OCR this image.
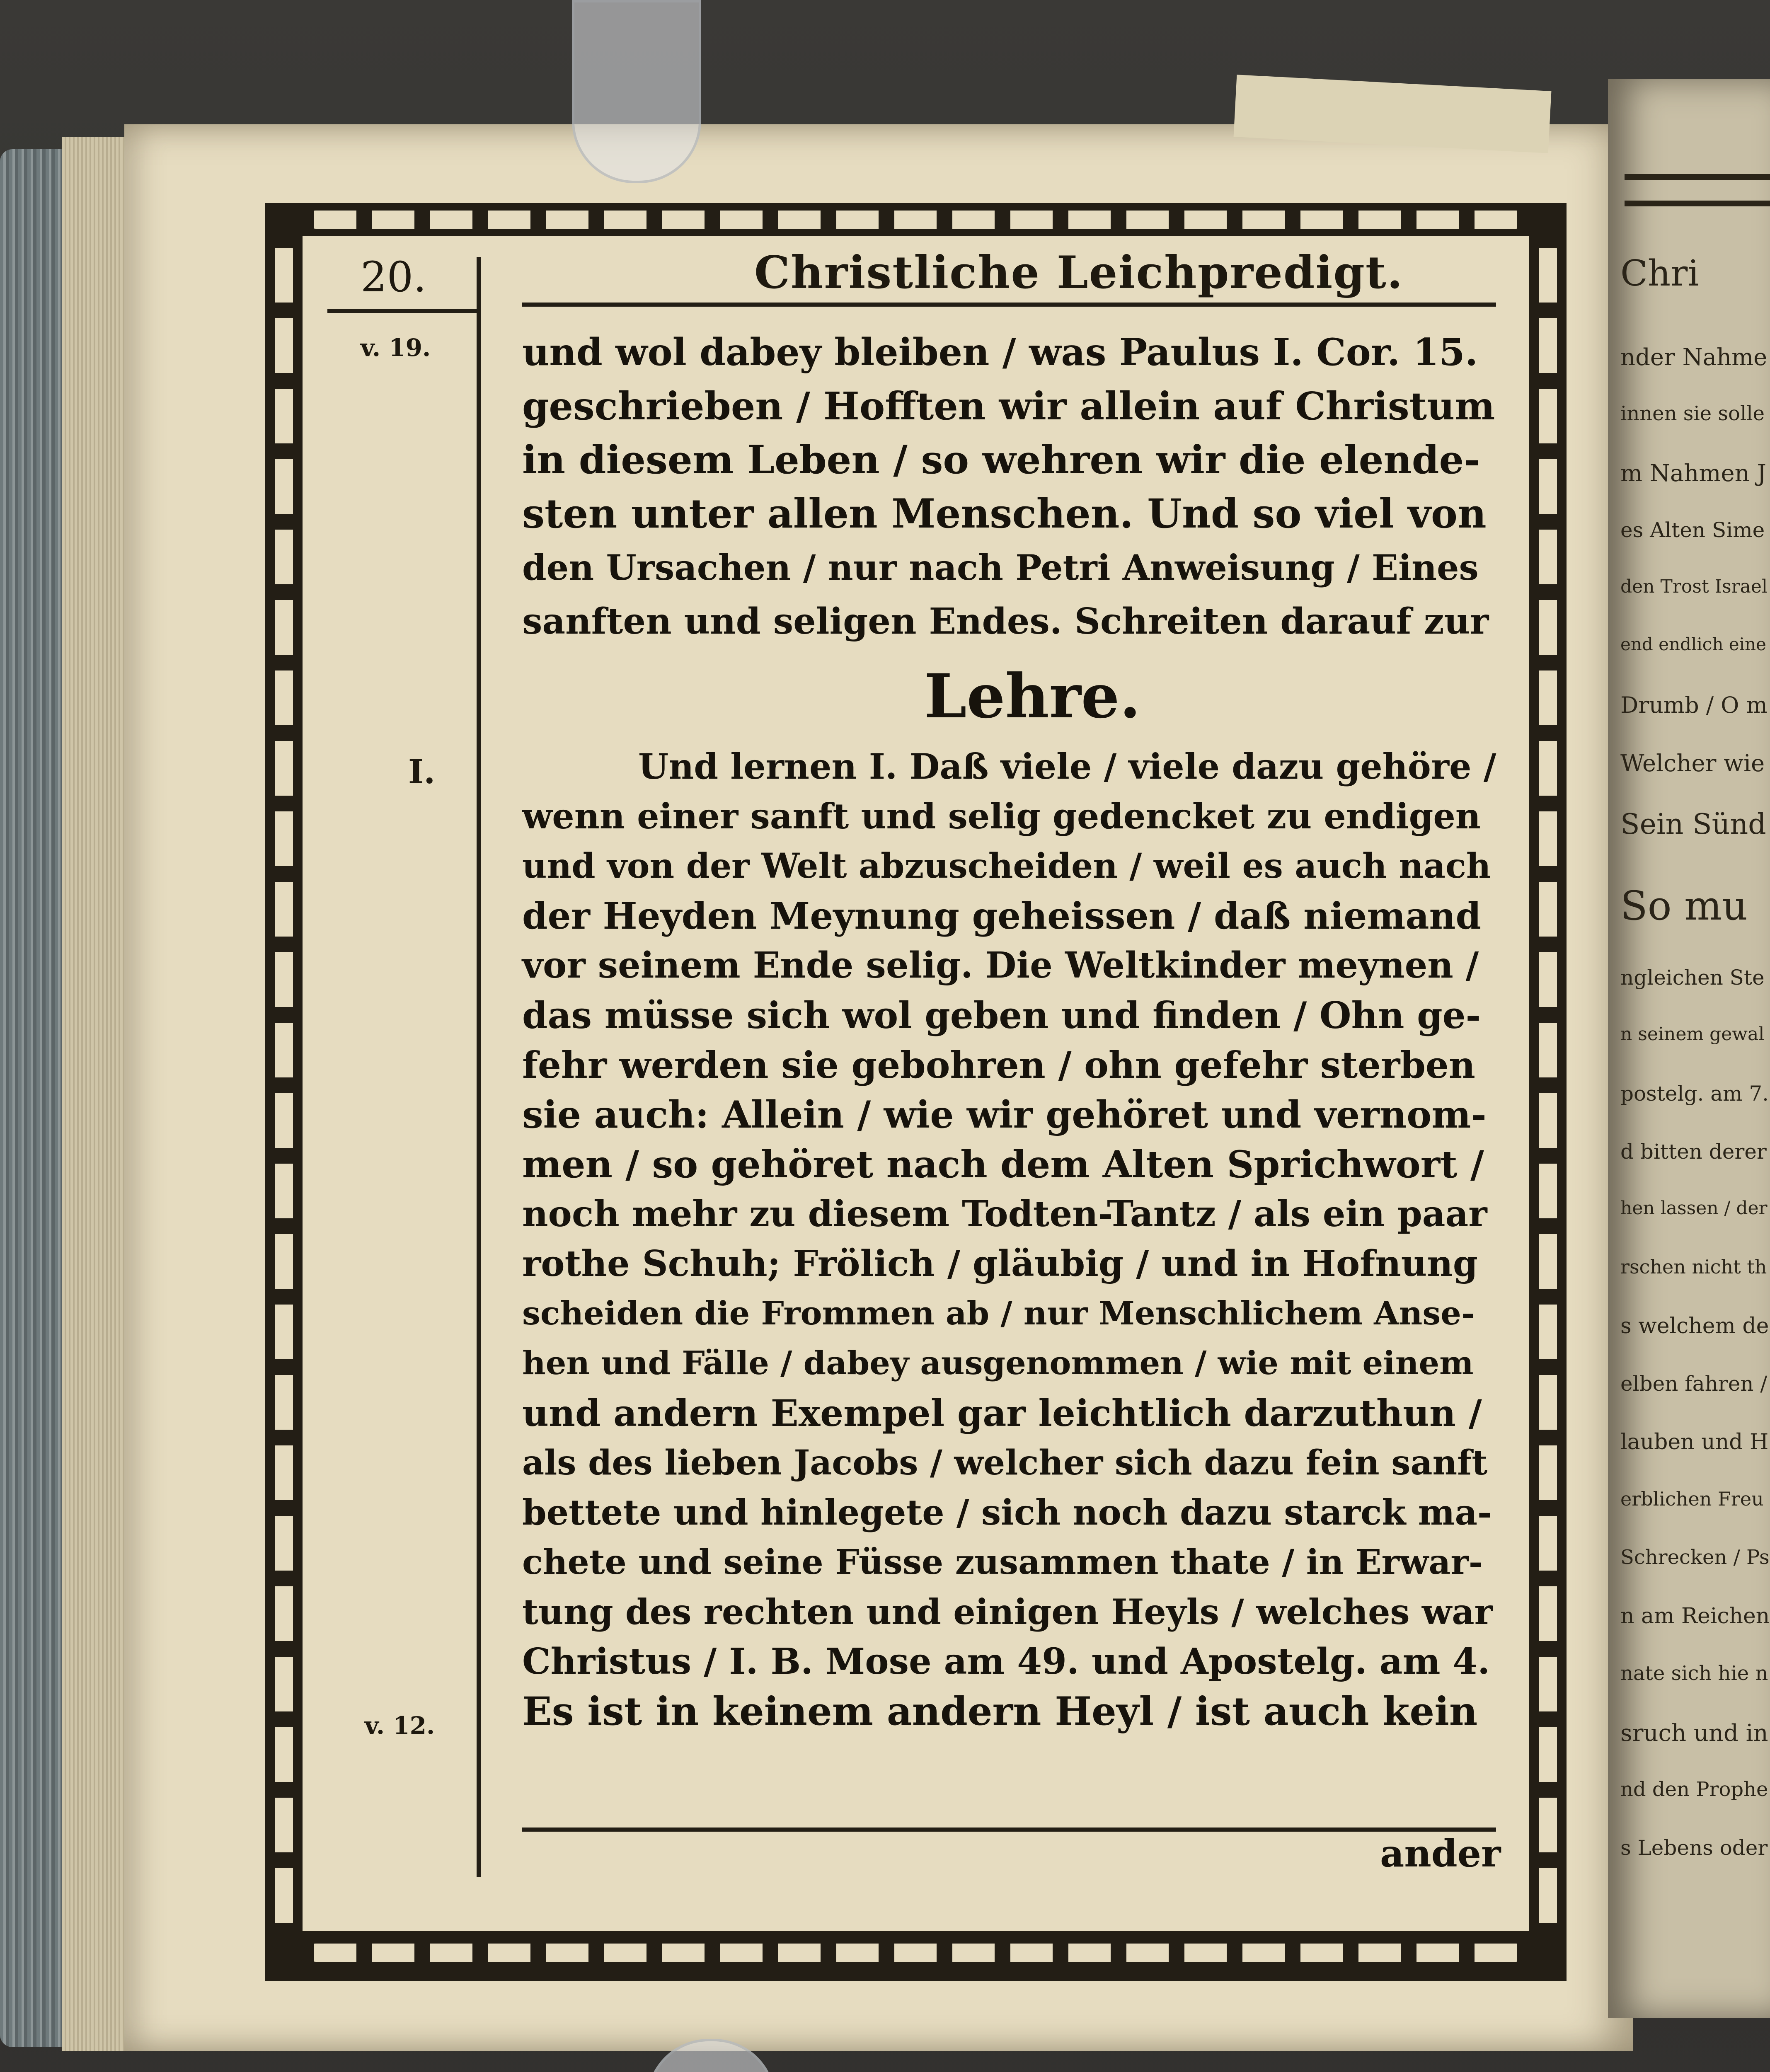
Chri
nder Nahme
innen sie solle
m Nahmen J
es Alten Sime
den Trost Israel
end endlich eine
Drumb / O m
Welcher wie
Sein Sünd
So mu
ngleichen Ste
n seinem gewal
postelg. am 7.
d bitten derer
hen lassen / der
rschen nicht th
s welchem de
elben fahren /
lauben und H
erblichen Freu
Schrecken / Ps
n am Reichen
nate sich hie n
sruch und in
nd den Prophe
s Lebens oder
20.	Christliche Leichpredigt.
v. 19.
I.
v. 12.
und wol dabey bleiben / was Paulus I. Cor. 15.
geschrieben / Hofften wir allein auf Christum
in diesem Leben / so wehren wir die elende-
sten unter allen Menschen. Und so viel von
den Ursachen / nur nach Petri Anweisung / Eines
sanften und seligen Endes. Schreiten darauf zur
Lehre.
Und lernen I. Daß viele / viele dazu gehöre /
wenn einer sanft und selig gedencket zu endigen
und von der Welt abzuscheiden / weil es auch nach
der Heyden Meynung geheissen / daß niemand
vor seinem Ende selig. Die Weltkinder meynen /
das müsse sich wol geben und finden / Ohn ge-
fehr werden sie gebohren / ohn gefehr sterben
sie auch: Allein / wie wir gehöret und vernom-
men / so gehöret nach dem Alten Sprichwort /
noch mehr zu diesem Todten-Tantz / als ein paar
rothe Schuh; Frölich / gläubig / und in Hofnung
scheiden die Frommen ab / nur Menschlichem Anse-
hen und Fälle / dabey ausgenommen / wie mit einem
und andern Exempel gar leichtlich darzuthun /
als des lieben Jacobs / welcher sich dazu fein sanft
bettete und hinlegete / sich noch dazu starck ma-
chete und seine Füsse zusammen thate / in Erwar-
tung des rechten und einigen Heyls / welches war
Christus / I. B. Mose am 49. und Apostelg. am 4.
Es ist in keinem andern Heyl / ist auch kein
ander
